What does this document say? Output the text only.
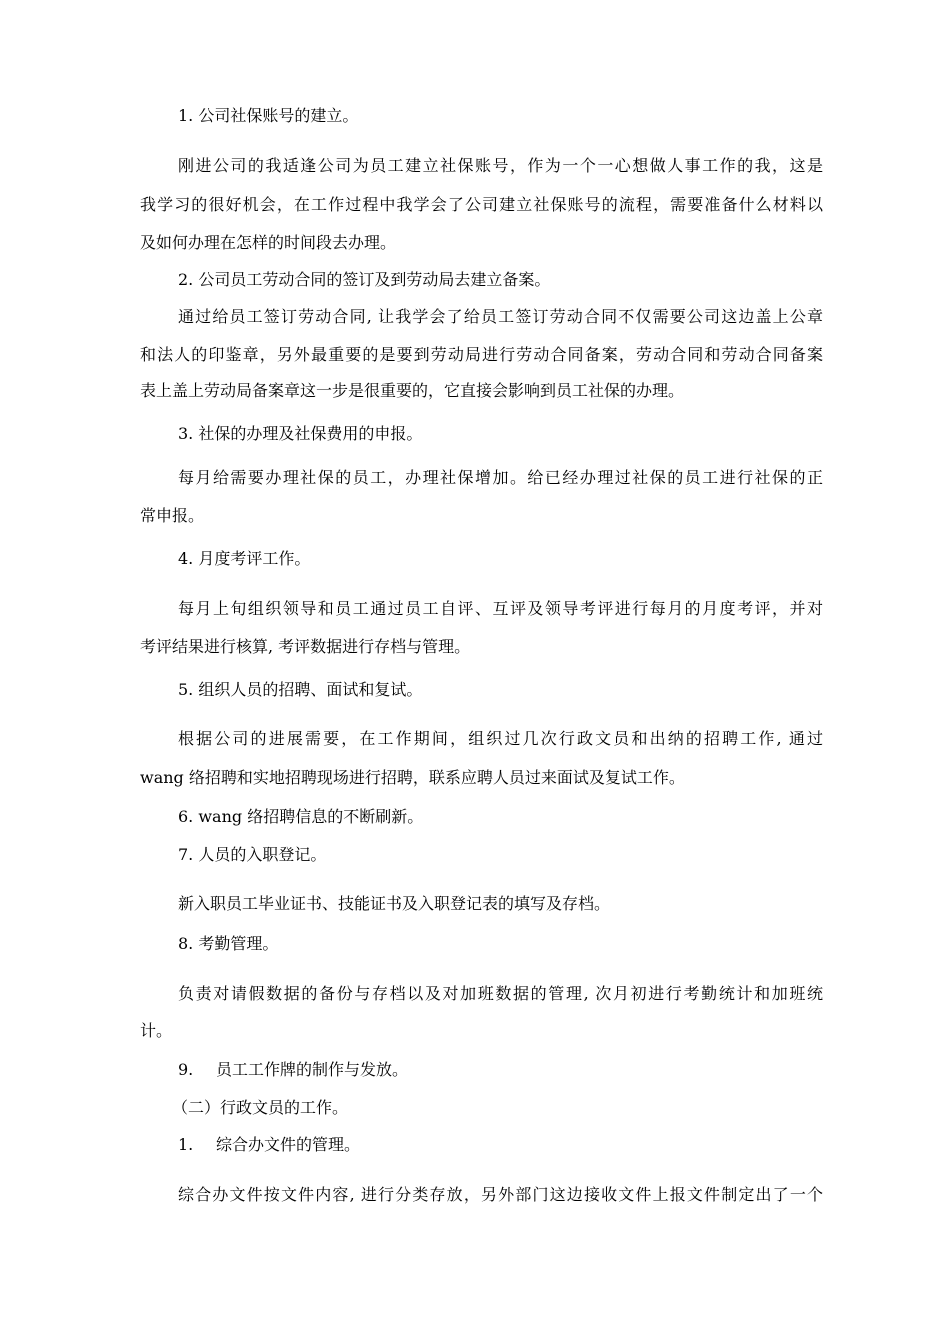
1. 公司社保账号的建立。
刚进公司的我适逢公司为员工建立社保账号，作为一个一心想做人事工作的我，这是
我学习的很好机会，在工作过程中我学会了公司建立社保账号的流程，需要准备什么材料以
及如何办理在怎样的时间段去办理。
2. 公司员工劳动合同的签订及到劳动局去建立备案。
通过给员工签订劳动合同, 让我学会了给员工签订劳动合同不仅需要公司这边盖上公章
和法人的印鉴章，另外最重要的是要到劳动局进行劳动合同备案，劳动合同和劳动合同备案
表上盖上劳动局备案章这一步是很重要的，它直接会影响到员工社保的办理。
3. 社保的办理及社保费用的申报。
每月给需要办理社保的员工，办理社保增加。给已经办理过社保的员工进行社保的正
常申报。
4. 月度考评工作。
每月上旬组织领导和员工通过员工自评、互评及领导考评进行每月的月度考评，并对
考评结果进行核算, 考评数据进行存档与管理。
5. 组织人员的招聘、面试和复试。
根据公司的进展需要，在工作期间，组织过几次行政文员和出纳的招聘工作, 通过
wang 络招聘和实地招聘现场进行招聘，联系应聘人员过来面试及复试工作。
6. wang 络招聘信息的不断刷新。
7. 人员的入职登记。
新入职员工毕业证书、技能证书及入职登记表的填写及存档。
8. 考勤管理。
负责对请假数据的备份与存档以及对加班数据的管理, 次月初进行考勤统计和加班统
计。
9. 员工工作牌的制作与发放。
（二）行政文员的工作。
1. 综合办文件的管理。
综合办文件按文件内容, 进行分类存放，另外部门这边接收文件上报文件制定出了一个
